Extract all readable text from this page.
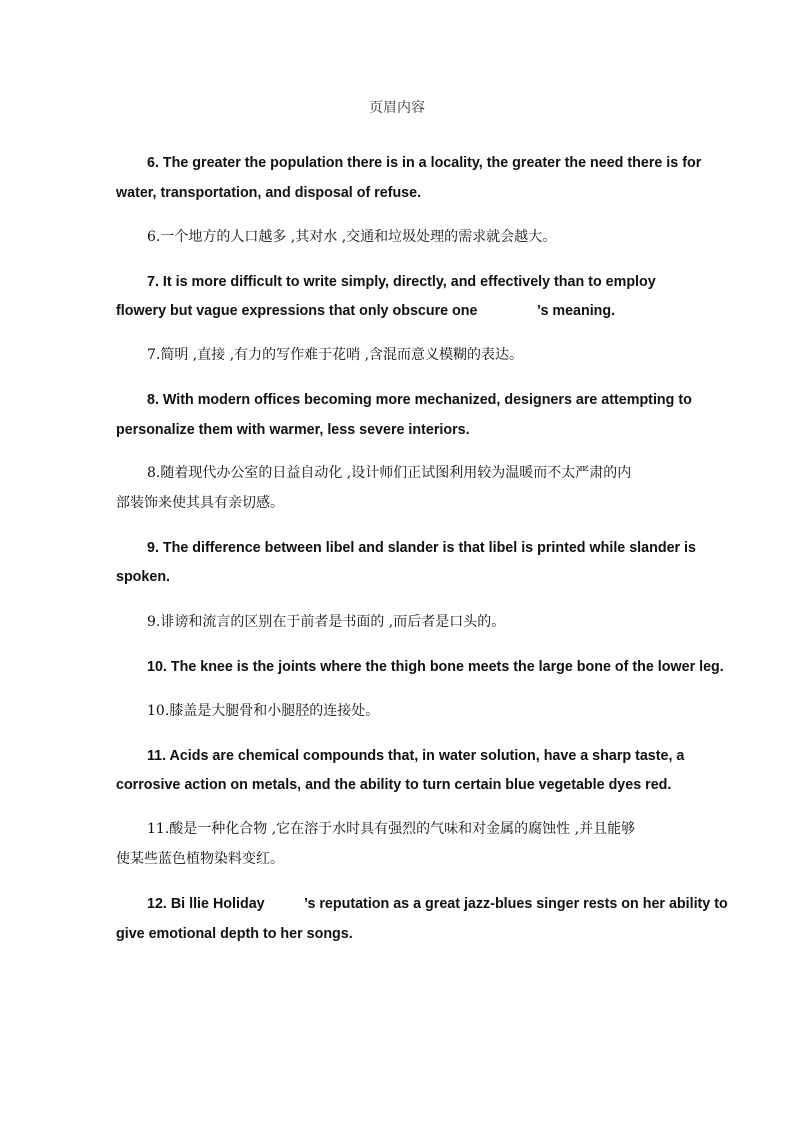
页眉内容
6. The greater the population there is in a locality, the greater the need there is for
water, transportation, and disposal of refuse.
6.一个地方的人口越多 ,其对水 ,交通和垃圾处理的需求就会越大。
7. It is more difficult to write simply, directly, and effectively than to employ
flowery but vague expressions that only obscure one	’s meaning.
7.简明 ,直接 ,有力的写作难于花哨 ,含混而意义模糊的表达。
8. With modern offices becoming more mechanized, designers are attempting to
personalize them with warmer, less severe interiors.
8.随着现代办公室的日益自动化 ,设计师们正试图利用较为温暖而不太严肃的内
部装饰来使其具有亲切感。
9. The difference between libel and slander is that libel is printed while slander is
spoken.
9.诽谤和流言的区别在于前者是书面的 ,而后者是口头的。
10. The knee is the joints where the thigh bone meets the large bone of the lower leg.
10.膝盖是大腿骨和小腿胫的连接处。
11. Acids are chemical compounds that, in water solution, have a sharp taste, a
corrosive action on metals, and the ability to turn certain blue vegetable dyes red.
11.酸是一种化合物 ,它在溶于水时具有强烈的气味和对金属的腐蚀性 ,并且能够
使某些蓝色植物染料变红。
12. Bi llie Holiday	’s reputation as a great jazz-blues singer rests on her ability to
give emotional depth to her songs.
